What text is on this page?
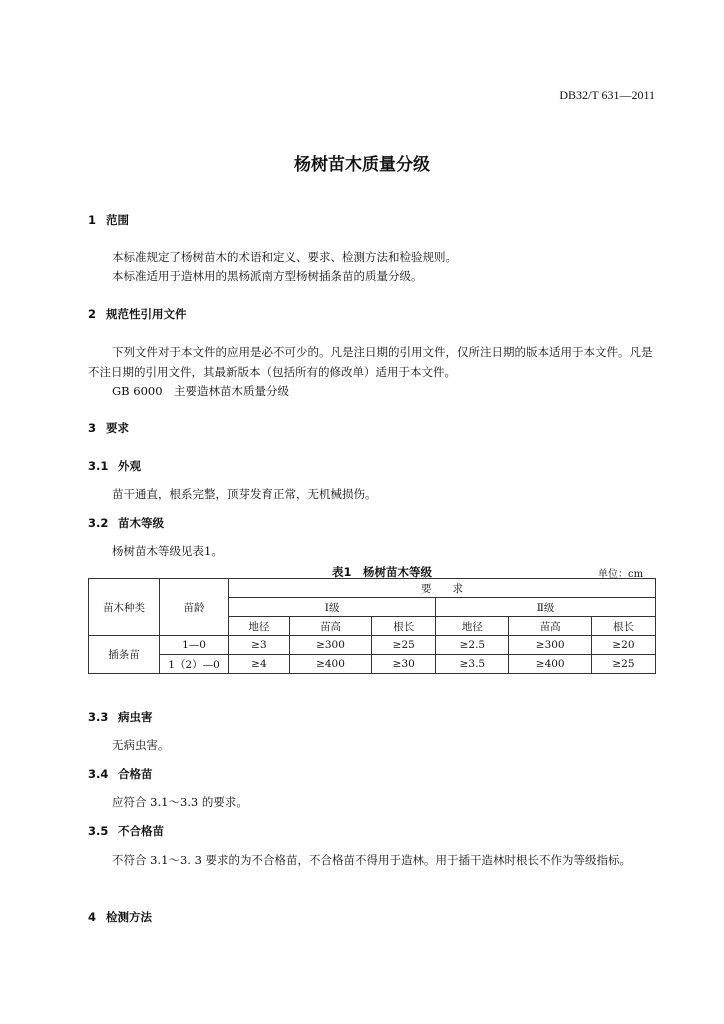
DB32/T 631—2011
杨树苗木质量分级
1 范围
本标准规定了杨树苗木的术语和定义、要求、检测方法和检验规则。
本标准适用于造林用的黑杨派南方型杨树插条苗的质量分级。
2 规范性引用文件
下列文件对于本文件的应用是必不可少的。凡是注日期的引用文件，仅所注日期的版本适用于本文件。凡是不注日期的引用文件，其最新版本（包括所有的修改单）适用于本文件。
GB 6000　主要造林苗木质量分级
3 要求
3.1 外观
苗干通直，根系完整，顶芽发育正常，无机械损伤。
3.2 苗木等级
杨树苗木等级见表1。
表1　杨树苗木等级	单位：cm
苗木种类	苗龄	要　　求					
		Ⅰ级			Ⅱ级		
		地径	苗高	根长	地径	苗高	根长
插条苗	1—0	≥3	≥300	≥25	≥2.5	≥300	≥20
	1（2）—0	≥4	≥400	≥30	≥3.5	≥400	≥25
3.3 病虫害
无病虫害。
3.4 合格苗
应符合 3.1～3.3 的要求。
3.5 不合格苗
不符合 3.1～3. 3 要求的为不合格苗，不合格苗不得用于造林。用于插干造林时根长不作为等级指标。
4 检测方法
